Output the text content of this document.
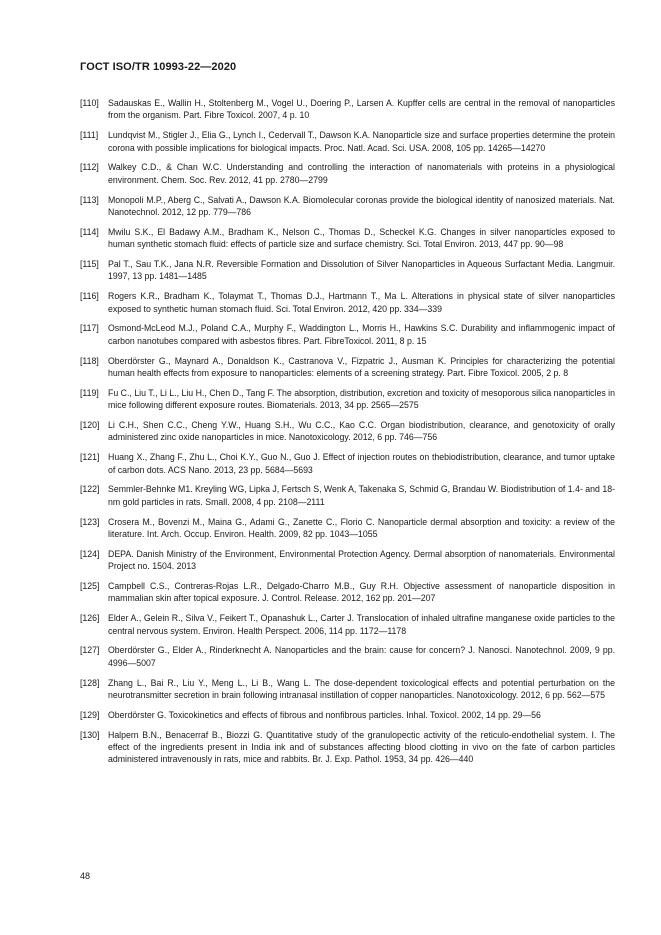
ГОСТ ISO/TR 10993-22—2020
[110]	Sadauskas E., Wallin H., Stoltenberg M., Vogel U., Doering P., Larsen A. Kupffer cells are central in the removal of nanoparticles from the organism. Part. Fibre Toxicol. 2007, 4 p. 10
[111]	Lundqvist M., Stigler J., Elia G., Lynch I., Cedervall T., Dawson K.A. Nanoparticle size and surface properties determine the protein corona with possible implications for biological impacts. Proc. Natl. Acad. Sci. USA. 2008, 105 pp. 14265—14270
[112]	Walkey C.D., & Chan W.C. Understanding and controlling the interaction of nanomaterials with proteins in a physiological environment. Chem. Soc. Rev. 2012, 41 pp. 2780—2799
[113]	Monopoli M.P., Aberg C., Salvati A., Dawson K.A. Biomolecular coronas provide the biological identity of nanosized materials. Nat. Nanotechnol. 2012, 12 pp. 779—786
[114]	Mwilu S.K., El Badawy A.M., Bradham K., Nelson C., Thomas D., Scheckel K.G. Changes in silver nanoparticles exposed to human synthetic stomach fluid: effects of particle size and surface chemistry. Sci. Total Environ. 2013, 447 pp. 90—98
[115]	Pal T., Sau T.K., Jana N.R. Reversible Formation and Dissolution of Silver Nanoparticles in Aqueous Surfactant Media. Langmuir. 1997, 13 pp. 1481—1485
[116]	Rogers K.R., Bradham K., Tolaymat T., Thomas D.J., Hartmann T., Ma L. Alterations in physical state of silver nanoparticles exposed to synthetic human stomach fluid. Sci. Total Environ. 2012, 420 pp. 334—339
[117]	Osmond-McLeod M.J., Poland C.A., Murphy F., Waddington L., Morris H., Hawkins S.C. Durability and inflammogenic impact of carbon nanotubes compared with asbestos fibres. Part. FibreToxicol. 2011, 8 p. 15
[118]	Oberdörster G., Maynard A., Donaldson K., Castranova V., Fizpatric J., Ausman K. Principles for characterizing the potential human health effects from exposure to nanoparticles: elements of a screening strategy. Part. Fibre Toxicol. 2005, 2 p. 8
[119]	Fu C., Liu T., Li L., Liu H., Chen D., Tang F. The absorption, distribution, excretion and toxicity of mesoporous silica nanoparticles in mice following different exposure routes. Biomaterials. 2013, 34 pp. 2565—2575
[120] Li C.H., Shen C.C., Cheng Y.W., Huang S.H., Wu C.C., Kao C.C. Organ biodistribution, clearance, and genotoxicity of orally administered zinc oxide nanoparticles in mice. Nanotoxicology. 2012, 6 pp. 746—756
[121] Huang X., Zhang F., Zhu L., Choi K.Y., Guo N., Guo J. Effect of injection routes on thebiodistribution, clearance, and tumor uptake of carbon dots. ACS Nano. 2013, 23 pp. 5684—5693
[122] Semmler-Behnke M1. Kreyling WG, Lipka J, Fertsch S, Wenk A, Takenaka S, Schmid G, Brandau W. Biodistribution of 1.4- and 18-nm gold particles in rats. Small. 2008, 4 pp. 2108—2111
[123] Crosera M., Bovenzi M., Maina G., Adami G., Zanette C., Florio C. Nanoparticle dermal absorption and toxicity: a review of the literature. Int. Arch. Occup. Environ. Health. 2009, 82 pp. 1043—1055
[124] DEPA. Danish Ministry of the Environment, Environmental Protection Agency. Dermal absorption of nanomaterials. Environmental Project no. 1504. 2013
[125] Campbell C.S., Contreras-Rojas L.R., Delgado-Charro M.B., Guy R.H. Objective assessment of nanoparticle disposition in mammalian skin after topical exposure. J. Control. Release. 2012, 162 pp. 201—207
[126] Elder A., Gelein R., Silva V., Feikert T., Opanashuk L., Carter J. Translocation of inhaled ultrafine manganese oxide particles to the central nervous system. Environ. Health Perspect. 2006, 114 pp. 1172—1178
[127] Oberdörster G., Elder A., Rinderknecht A. Nanoparticles and the brain: cause for concern? J. Nanosci. Nanotechnol. 2009, 9 pp. 4996—5007
[128] Zhang L., Bai R., Liu Y., Meng L., Li B., Wang L. The dose-dependent toxicological effects and potential perturbation on the neurotransmitter secretion in brain following intranasal instillation of copper nanoparticles. Nanotoxicology. 2012, 6 pp. 562—575
[129] Oberdörster G. Toxicokinetics and effects of fibrous and nonfibrous particles. Inhal. Toxicol. 2002, 14 pp. 29—56
[130] Halpern B.N., Benacerraf B., Biozzi G. Quantitative study of the granulopectic activity of the reticulo-endothelial system. I. The effect of the ingredients present in India ink and of substances affecting blood clotting in vivo on the fate of carbon particles administered intravenously in rats, mice and rabbits. Br. J. Exp. Pathol. 1953, 34 pp. 426—440
48
